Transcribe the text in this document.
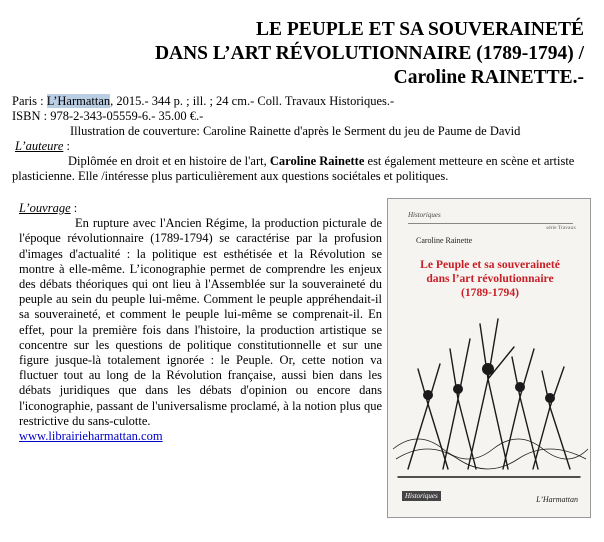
LE PEUPLE ET SA SOUVERAINETÉ
DANS L’ART RÉVOLUTIONNAIRE (1789-1794) /
Caroline RAINETTE.-
Paris : L’Harmattan, 2015.- 344 p. ; ill. ; 24 cm.- Coll. Travaux Historiques.-
ISBN : 978-2-343-05559-6.- 35.00 €.-
Illustration de couverture: Caroline Rainette d'après le Serment du jeu de Paume de David
L’auteure :

Diplômée en droit et en histoire de l'art, Caroline Rainette est également metteure en scène et artiste plasticienne. Elle /intéresse plus particulièrement aux questions sociétales et politiques.

L’ouvrage :

En rupture avec l'Ancien Régime, la production picturale de l'époque révolutionnaire (1789-1794) se caractérise par la profusion d'images d'actualité : la politique est esthétisée et la Révolution se montre à elle-même. L’iconographie permet de comprendre les enjeux des débats théoriques qui ont lieu à l'Assemblée sur la souveraineté du peuple au sein du peuple lui-même. Comment le peuple appréhendait-il sa souveraineté, et comment le peuple lui-même se comprenait-il. En effet, pour la première fois dans l'histoire, la production artistique se concentre sur les questions de politique constitutionnelle et sur une figure jusque-là totalement ignorée : le Peuple. Or, cette notion va fluctuer tout au long de la Révolution française, aussi bien dans les débats juridiques que dans les débats d'opinion ou encore dans l'iconographie, passant de l'universalisme proclamé, à la notion plus que restrictive du sans-culotte.

www.librairieharmattan.com
Historiques
série Travaux
Caroline Rainette
Le Peuple et sa souveraineté
dans l’art révolutionnaire
(1789-1794)
Historiques	L’Harmattan
